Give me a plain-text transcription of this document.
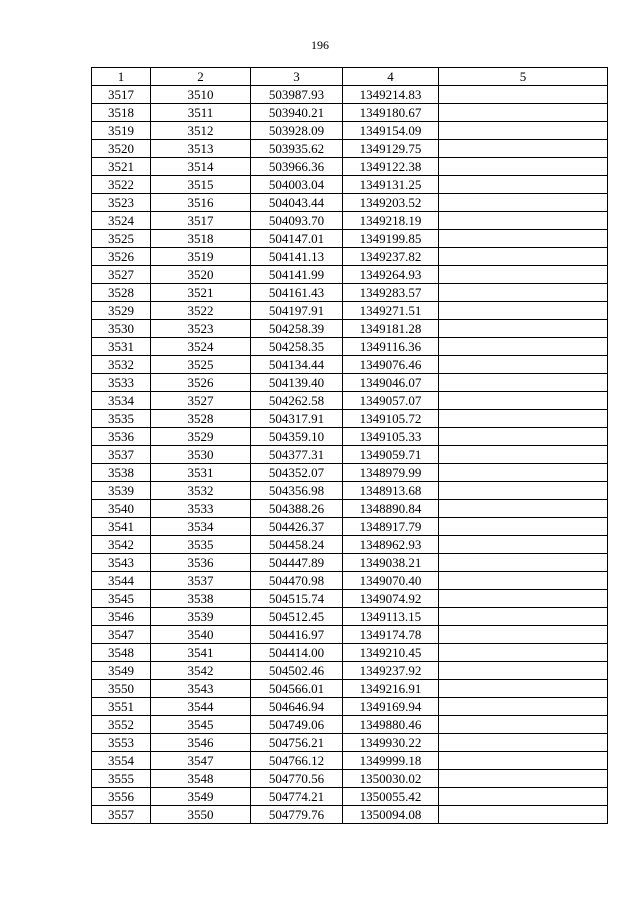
196
1	2	3	4	5
3517	3510	503987.93	1349214.83	
3518	3511	503940.21	1349180.67	
3519	3512	503928.09	1349154.09	
3520	3513	503935.62	1349129.75	
3521	3514	503966.36	1349122.38	
3522	3515	504003.04	1349131.25	
3523	3516	504043.44	1349203.52	
3524	3517	504093.70	1349218.19	
3525	3518	504147.01	1349199.85	
3526	3519	504141.13	1349237.82	
3527	3520	504141.99	1349264.93	
3528	3521	504161.43	1349283.57	
3529	3522	504197.91	1349271.51	
3530	3523	504258.39	1349181.28	
3531	3524	504258.35	1349116.36	
3532	3525	504134.44	1349076.46	
3533	3526	504139.40	1349046.07	
3534	3527	504262.58	1349057.07	
3535	3528	504317.91	1349105.72	
3536	3529	504359.10	1349105.33	
3537	3530	504377.31	1349059.71	
3538	3531	504352.07	1348979.99	
3539	3532	504356.98	1348913.68	
3540	3533	504388.26	1348890.84	
3541	3534	504426.37	1348917.79	
3542	3535	504458.24	1348962.93	
3543	3536	504447.89	1349038.21	
3544	3537	504470.98	1349070.40	
3545	3538	504515.74	1349074.92	
3546	3539	504512.45	1349113.15	
3547	3540	504416.97	1349174.78	
3548	3541	504414.00	1349210.45	
3549	3542	504502.46	1349237.92	
3550	3543	504566.01	1349216.91	
3551	3544	504646.94	1349169.94	
3552	3545	504749.06	1349880.46	
3553	3546	504756.21	1349930.22	
3554	3547	504766.12	1349999.18	
3555	3548	504770.56	1350030.02	
3556	3549	504774.21	1350055.42	
3557	3550	504779.76	1350094.08	
